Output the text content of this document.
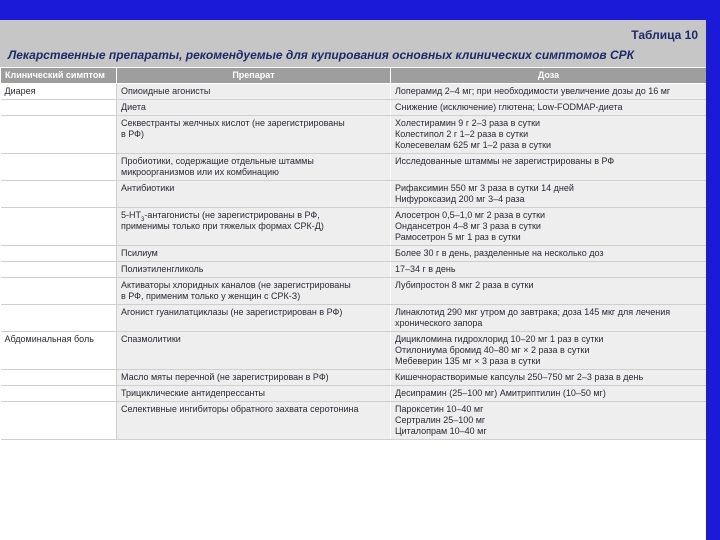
Таблица 10
Лекарственные препараты, рекомендуемые для купирования основных клинических симптомов СРК
Клинический симптом	Препарат	Доза

Диарея	Опиоидные агонисты	Лоперамид 2–4 мг; при необходимости увеличение дозы до 16 мг

	Диета	Снижение (исключение) глютена; Low-FODMAP-диета

	Секвестранты желчных кислот (не зарегистрированы
в РФ)	Холестирамин 9 г 2–3 раза в сутки
Колестипол 2 г 1–2 раза в сутки
Колесевелам 625 мг 1–2 раза в сутки

	Пробиотики, содержащие отдельные штаммы
микроорганизмов или их комбинацию	Исследованные штаммы не зарегистрированы в РФ

	Антибиотики	Рифаксимин 550 мг 3 раза в сутки 14 дней
Нифуроксазид 200 мг 3–4 раза

	$5-НТ_3$-антагонисты (не зарегистрированы в РФ,
применимы только при тяжелых формах СРК-Д)	Алосетрон 0,5–1,0 мг 2 раза в сутки
Ондансетрон 4–8 мг 3 раза в сутки
Рамосетрон 5 мг 1 раз в сутки

	Псилиум	Более 30 г в день, разделенные на несколько доз

	Полиэтиленгликоль	17–34 г в день

	Активаторы хлоридных каналов (не зарегистрированы
в РФ, применим только у женщин с СРК-З)	Лубипростон 8 мкг 2 раза в сутки

	Агонист гуанилатциклазы (не зарегистрирован в РФ)	Линаклотид 290 мкг утром до завтрака; доза 145 мкг для лечения
хронического запора

Абдоминальная боль	Спазмолитики	Дицикломина гидрохлорид 10–20 мг 1 раз в сутки
Отилониума бромид 40–80 мг × 2 раза в сутки
Мебеверин 135 мг × 3 раза в сутки

	Масло мяты перечной (не зарегистрирован в РФ)	Кишечнорастворимые капсулы 250–750 мг 2–3 раза в день

	Трициклические антидепрессанты	Десипрамин (25–100 мг) Амитриптилин (10–50 мг)

	Селективные ингибиторы обратного захвата серотонина	Пароксетин 10–40 мг
Сертралин 25–100 мг
Циталопрам 10–40 мг
